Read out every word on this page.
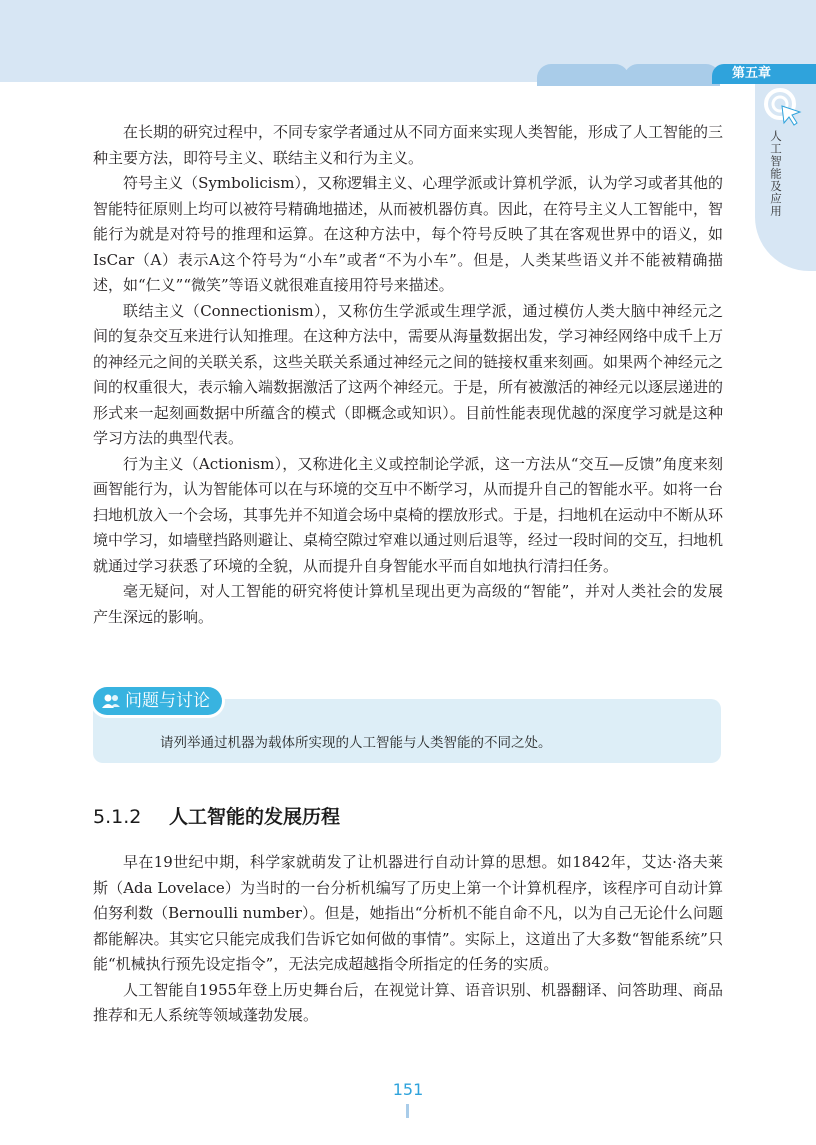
第五章
人工智能及应用

在长期的研究过程中，不同专家学者通过从不同方面来实现人类智能，形成了人工智能的三种主要方法，即符号主义、联结主义和行为主义。

符号主义（Symbolicism），又称逻辑主义、心理学派或计算机学派，认为学习或者其他的智能特征原则上均可以被符号精确地描述，从而被机器仿真。因此，在符号主义人工智能中，智能行为就是对符号的推理和运算。在这种方法中，每个符号反映了其在客观世界中的语义，如IsCar（A）表示A这个符号为“小车”或者“不为小车”。但是，人类某些语义并不能被精确描述，如“仁义”“微笑”等语义就很难直接用符号来描述。

联结主义（Connectionism），又称仿生学派或生理学派，通过模仿人类大脑中神经元之间的复杂交互来进行认知推理。在这种方法中，需要从海量数据出发，学习神经网络中成千上万的神经元之间的关联关系，这些关联关系通过神经元之间的链接权重来刻画。如果两个神经元之间的权重很大，表示输入端数据激活了这两个神经元。于是，所有被激活的神经元以逐层递进的形式来一起刻画数据中所蕴含的模式（即概念或知识）。目前性能表现优越的深度学习就是这种学习方法的典型代表。

行为主义（Actionism），又称进化主义或控制论学派，这一方法从“交互—反馈”角度来刻画智能行为，认为智能体可以在与环境的交互中不断学习，从而提升自己的智能水平。如将一台扫地机放入一个会场，其事先并不知道会场中桌椅的摆放形式。于是，扫地机在运动中不断从环境中学习，如墙壁挡路则避让、桌椅空隙过窄难以通过则后退等，经过一段时间的交互，扫地机就通过学习获悉了环境的全貌，从而提升自身智能水平而自如地执行清扫任务。

毫无疑问，对人工智能的研究将使计算机呈现出更为高级的“智能”，并对人类社会的发展产生深远的影响。

问题与讨论
请列举通过机器为载体所实现的人工智能与人类智能的不同之处。
5.1.2 人工智能的发展历程

早在19世纪中期，科学家就萌发了让机器进行自动计算的思想。如1842年，艾达·洛夫莱斯（Ada Lovelace）为当时的一台分析机编写了历史上第一个计算机程序，该程序可自动计算伯努利数（Bernoulli number）。但是，她指出“分析机不能自命不凡，以为自己无论什么问题都能解决。其实它只能完成我们告诉它如何做的事情”。实际上，这道出了大多数“智能系统”只能“机械执行预先设定指令”，无法完成超越指令所指定的任务的实质。

人工智能自1955年登上历史舞台后，在视觉计算、语音识别、机器翻译、问答助理、商品推荐和无人系统等领域蓬勃发展。

151
